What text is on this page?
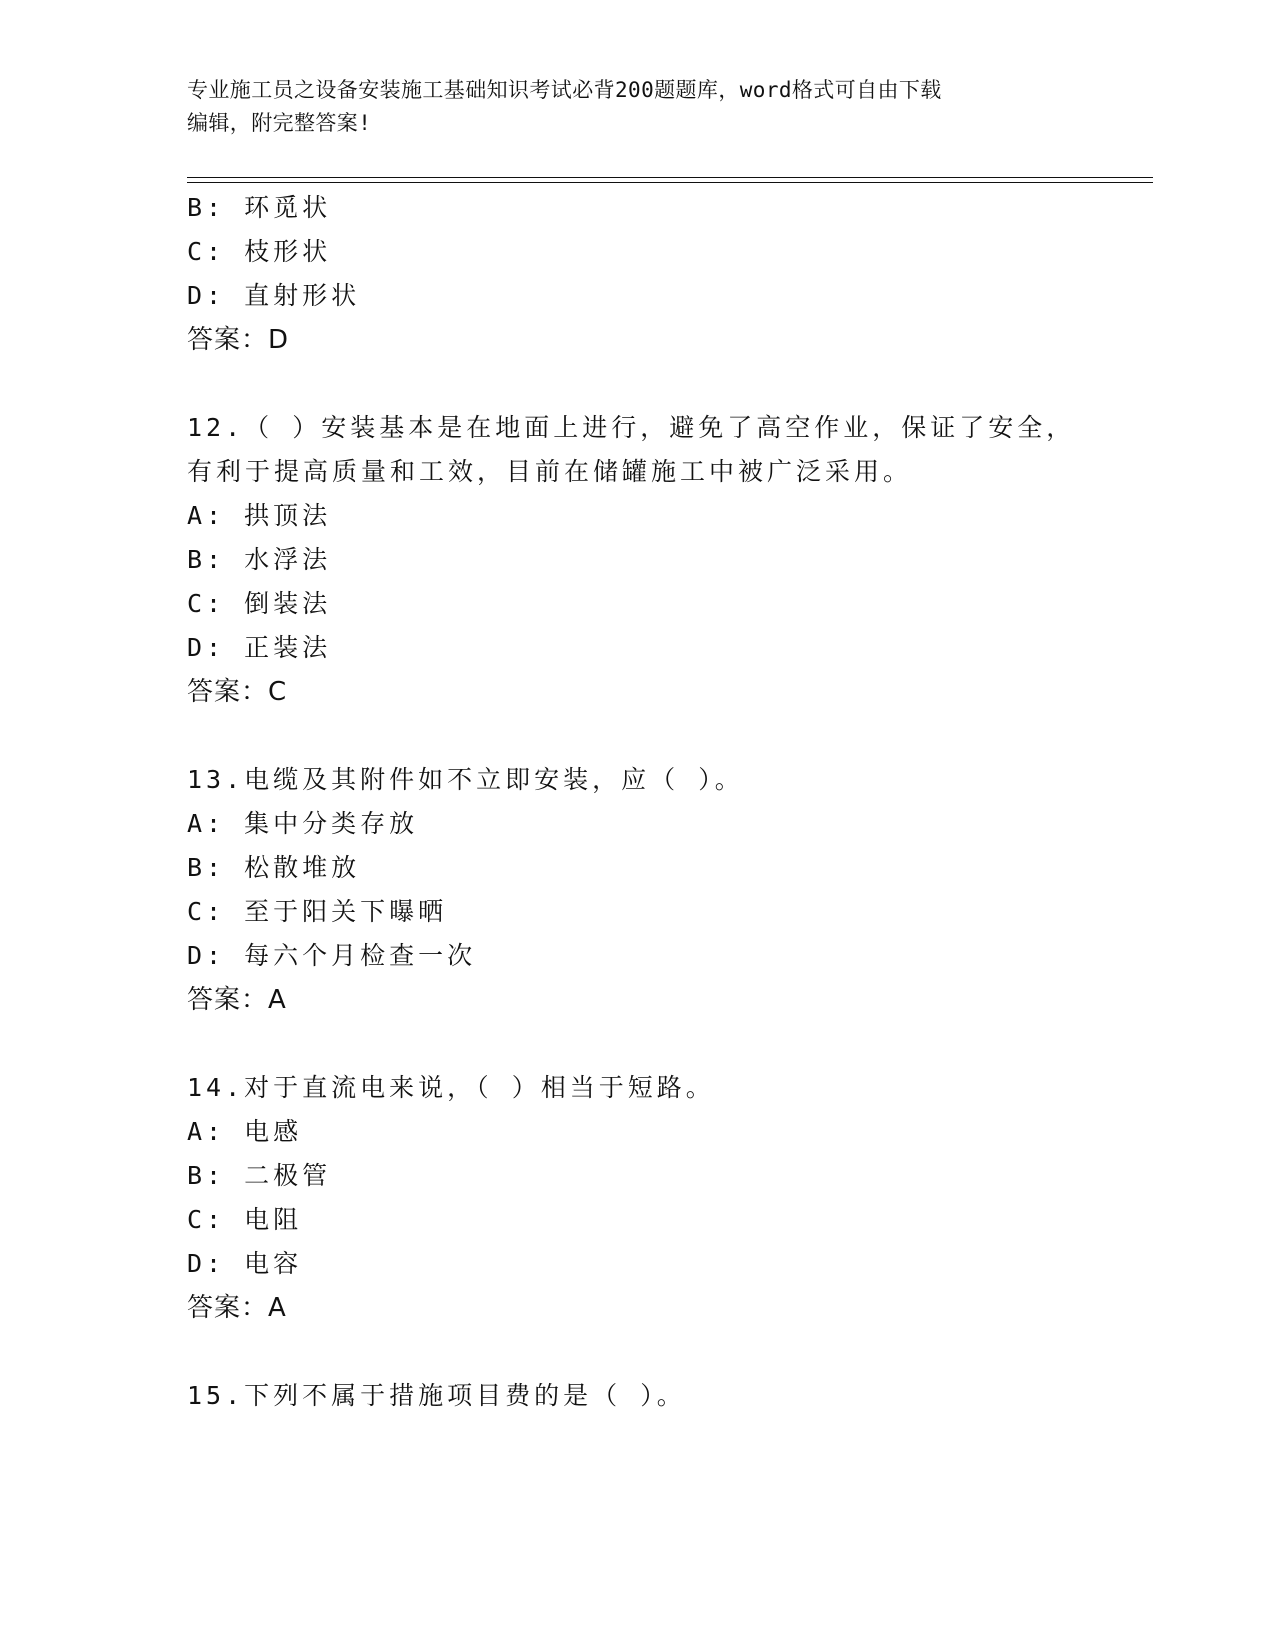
专业施工员之设备安装施工基础知识考试必背200题题库，word格式可自由下载
编辑，附完整答案!
B: 环觅状
C: 枝形状
D: 直射形状
答案：D
12.（ ）安装基本是在地面上进行，避免了高空作业，保证了安全，
有利于提高质量和工效，目前在储罐施工中被广泛采用。
A: 拱顶法
B: 水浮法
C: 倒装法
D: 正装法
答案：C
13.电缆及其附件如不立即安装，应（ ）。
A: 集中分类存放
B: 松散堆放
C: 至于阳关下曝晒
D: 每六个月检查一次
答案：A
14.对于直流电来说，（ ）相当于短路。
A: 电感
B: 二极管
C: 电阻
D: 电容
答案：A
15.下列不属于措施项目费的是（ ）。
